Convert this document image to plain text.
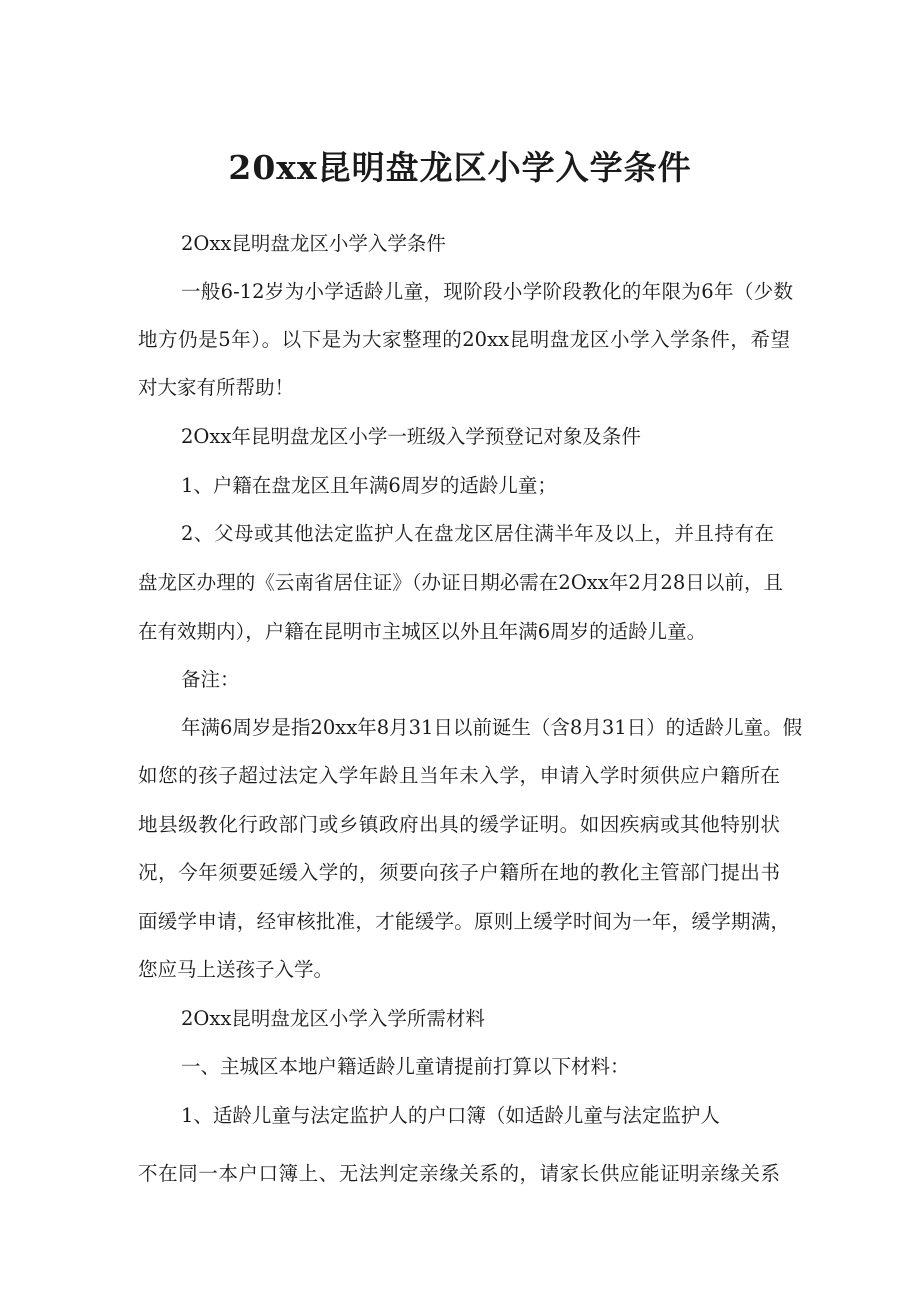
20xx昆明盘龙区小学入学条件
2Oxx昆明盘龙区小学入学条件
一般6-12岁为小学适龄儿童，现阶段小学阶段教化的年限为6年（少数
地方仍是5年）。以下是为大家整理的20xx昆明盘龙区小学入学条件，希望
对大家有所帮助！
2Oxx年昆明盘龙区小学一班级入学预登记对象及条件
1、户籍在盘龙区且年满6周岁的适龄儿童；
2、父母或其他法定监护人在盘龙区居住满半年及以上，并且持有在
盘龙区办理的《云南省居住证》（办证日期必需在2Oxx年2月28日以前，且
在有效期内），户籍在昆明市主城区以外且年满6周岁的适龄儿童。
备注：
年满6周岁是指20xx年8月31日以前诞生（含8月31日）的适龄儿童。假
如您的孩子超过法定入学年龄且当年未入学，申请入学时须供应户籍所在
地县级教化行政部门或乡镇政府出具的缓学证明。如因疾病或其他特别状
况，今年须要延缓入学的，须要向孩子户籍所在地的教化主管部门提出书
面缓学申请，经审核批准，才能缓学。原则上缓学时间为一年，缓学期满，
您应马上送孩子入学。
2Oxx昆明盘龙区小学入学所需材料
一、主城区本地户籍适龄儿童请提前打算以下材料：
1、适龄儿童与法定监护人的户口簿（如适龄儿童与法定监护人
不在同一本户口簿上、无法判定亲缘关系的，请家长供应能证明亲缘关系
